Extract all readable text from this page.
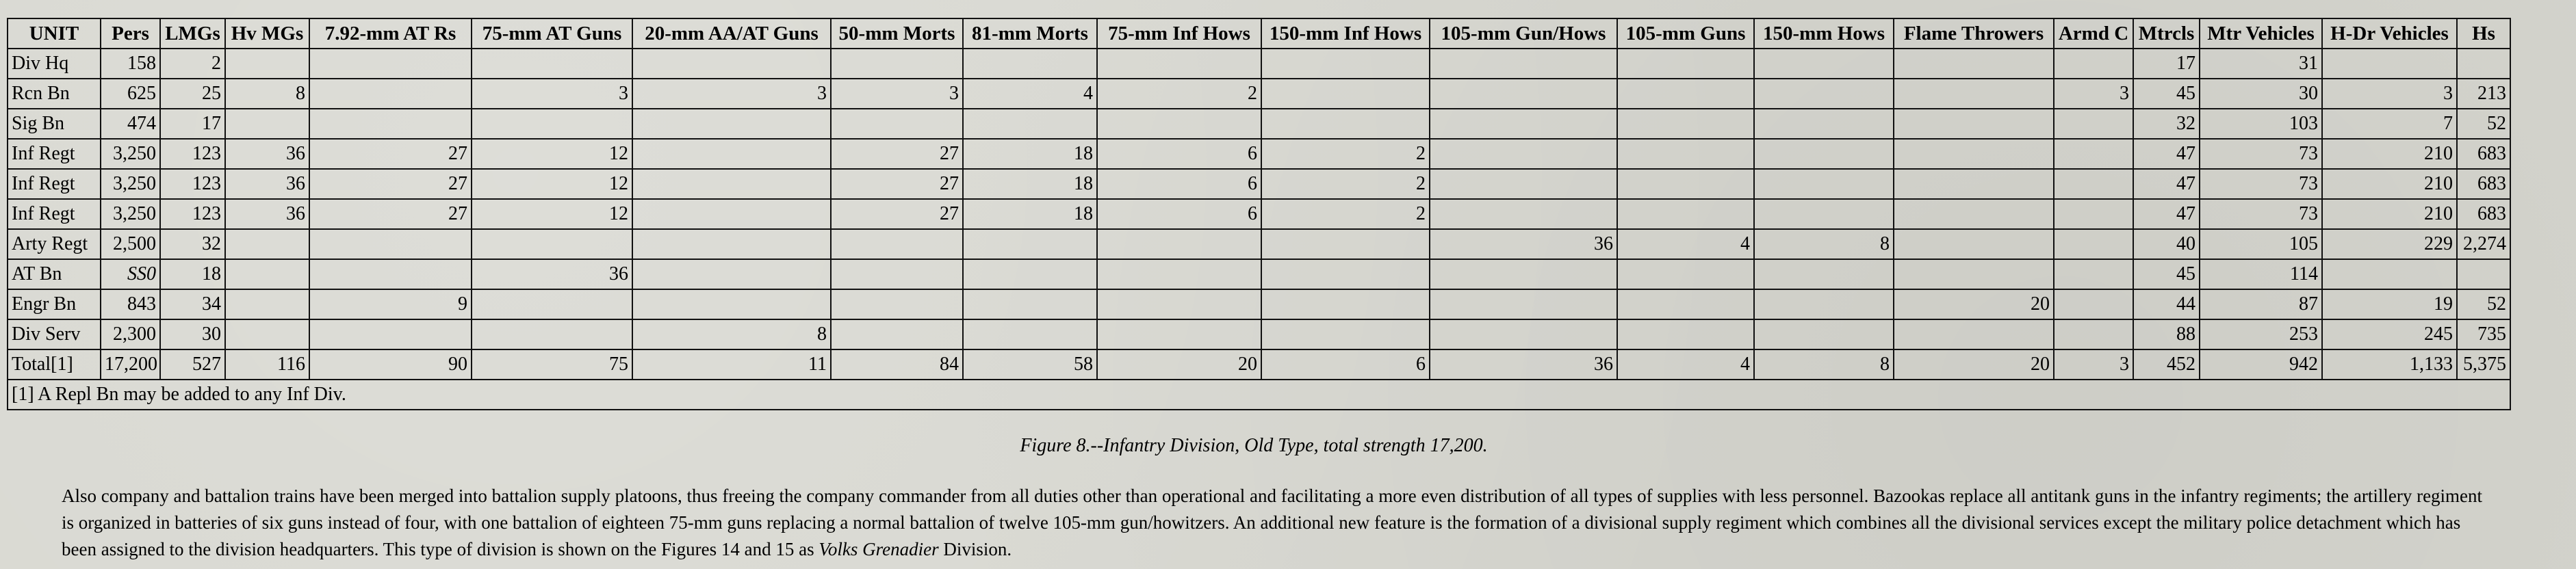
UNIT	Pers	LMGs	Hv MGs	7.92-mm AT Rs	75-mm AT Guns	20-mm AA/AT Guns	50-mm Morts	81-mm Morts	75-mm Inf Hows	150-mm Inf Hows	105-mm Gun/Hows	105-mm Guns	150-mm Hows	Flame Throwers	Armd C	Mtrcls	Mtr Vehicles	H-Dr Vehicles	Hs
Div Hq	158	2														17	31		
Rcn Bn	625	25	8		3	3	3	4	2						3	45	30	3	213
Sig Bn	474	17														32	103	7	52
Inf Regt	3,250	123	36	27	12		27	18	6	2						47	73	210	683
Inf Regt	3,250	123	36	27	12		27	18	6	2						47	73	210	683
Inf Regt	3,250	123	36	27	12		27	18	6	2						47	73	210	683
Arty Regt	2,500	32									36	4	8			40	105	229	2,274
AT Bn	SS0	18			36											45	114		
Engr Bn	843	34		9										20		44	87	19	52
Div Serv	2,300	30				8										88	253	245	735
Total[1]	17,200	527	116	90	75	11	84	58	20	6	36	4	8	20	3	452	942	1,133	5,375
[1] A Repl Bn may be added to any Inf Div.																			
Figure 8.--Infantry Division, Old Type, total strength 17,200.

Also company and battalion trains have been merged into battalion supply platoons, thus freeing the company commander from all duties other than operational and facilitating a more even distribution of all types of supplies with less personnel. Bazookas replace all antitank guns in the infantry regiments; the artillery regiment is organized in batteries of six guns instead of four, with one battalion of eighteen 75-mm guns replacing a normal battalion of twelve 105-mm gun/howitzers. An additional new feature is the formation of a divisional supply regiment which combines all the divisional services except the military police detachment which has been assigned to the division headquarters. This type of division is shown on the Figures 14 and 15 as Volks Grenadier Division.
